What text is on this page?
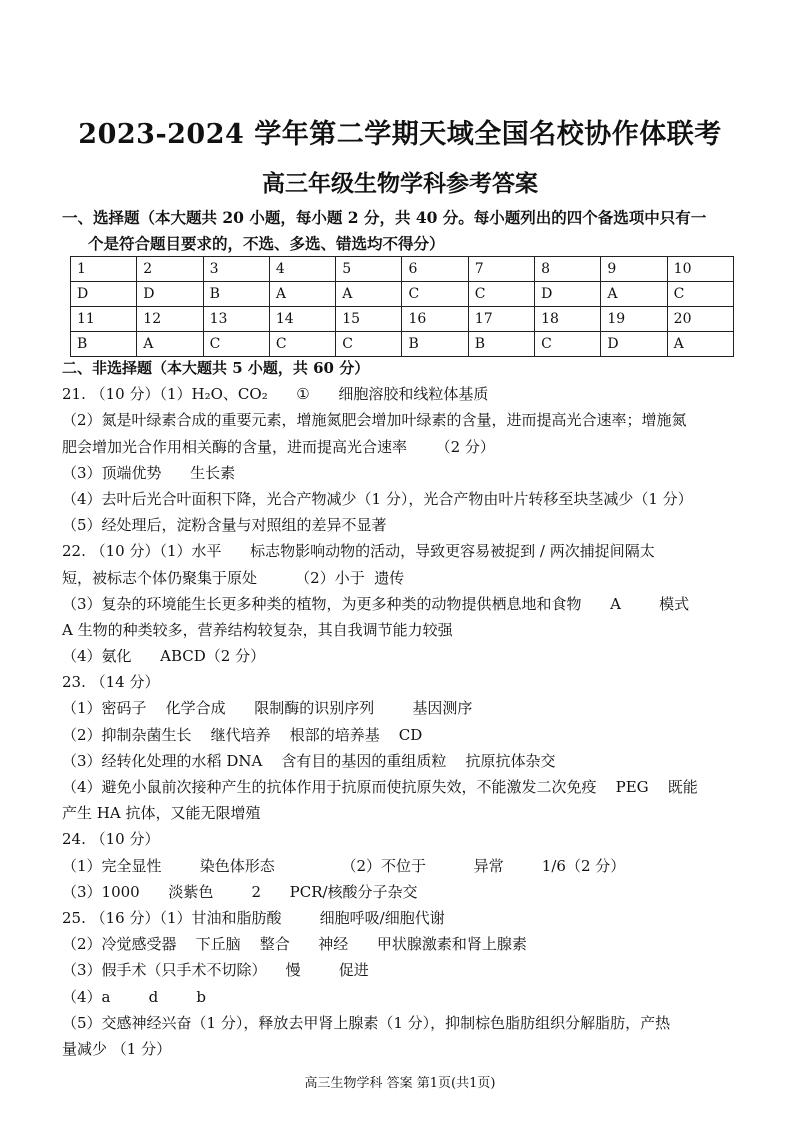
2023-2024 学年第二学期天域全国名校协作体联考
高三年级生物学科参考答案
一、选择题（本大题共 20 小题，每小题 2 分，共 40 分。每小题列出的四个备选项中只有一
个是符合题目要求的，不选、多选、错选均不得分）
1	2	3	4	5	6	7	8	9	10
D	D	B	A	A	C	C	D	A	C
11	12	13	14	15	16	17	18	19	20
B	A	C	C	C	B	B	C	D	A
二、非选择题（本大题共 5 小题，共 60 分）
21. （10 分）（1）H₂O、CO₂      ①      细胞溶胶和线粒体基质
（2）氮是叶绿素合成的重要元素，增施氮肥会增加叶绿素的含量，进而提高光合速率；增施氮
肥会增加光合作用相关酶的含量，进而提高光合速率      （2 分）
（3）顶端优势      生长素
（4）去叶后光合叶面积下降，光合产物减少（1 分），光合产物由叶片转移至块茎减少（1 分）
（5）经处理后，淀粉含量与对照组的差异不显著
22. （10 分）（1）水平      标志物影响动物的活动，导致更容易被捉到 / 两次捕捉间隔太
短，被标志个体仍聚集于原处        （2）小于  遗传
（3）复杂的环境能生长更多种类的植物，为更多种类的动物提供栖息地和食物      A        模式
A 生物的种类较多，营养结构较复杂，其自我调节能力较强
（4）氨化      ABCD（2 分）
23. （14 分）
（1）密码子    化学合成      限制酶的识别序列        基因测序
（2）抑制杂菌生长    继代培养    根部的培养基    CD
（3）经转化处理的水稻 DNA    含有目的基因的重组质粒    抗原抗体杂交
（4）避免小鼠前次接种产生的抗体作用于抗原而使抗原失效，不能激发二次免疫    PEG    既能
产生 HA 抗体，又能无限增殖
24. （10 分）
（1）完全显性        染色体形态              （2）不位于          异常        1/6（2 分）
（3）1000      淡紫色        2      PCR/核酸分子杂交
25. （16 分）（1）甘油和脂肪酸        细胞呼吸/细胞代谢
（2）冷觉感受器    下丘脑    整合      神经      甲状腺激素和肾上腺素
（3）假手术（只手术不切除）    慢        促进
（4）a        d        b
（5）交感神经兴奋（1 分），释放去甲肾上腺素（1 分），抑制棕色脂肪组织分解脂肪，产热
量减少 （1 分）
高三生物学科 答案 第1页(共1页)
